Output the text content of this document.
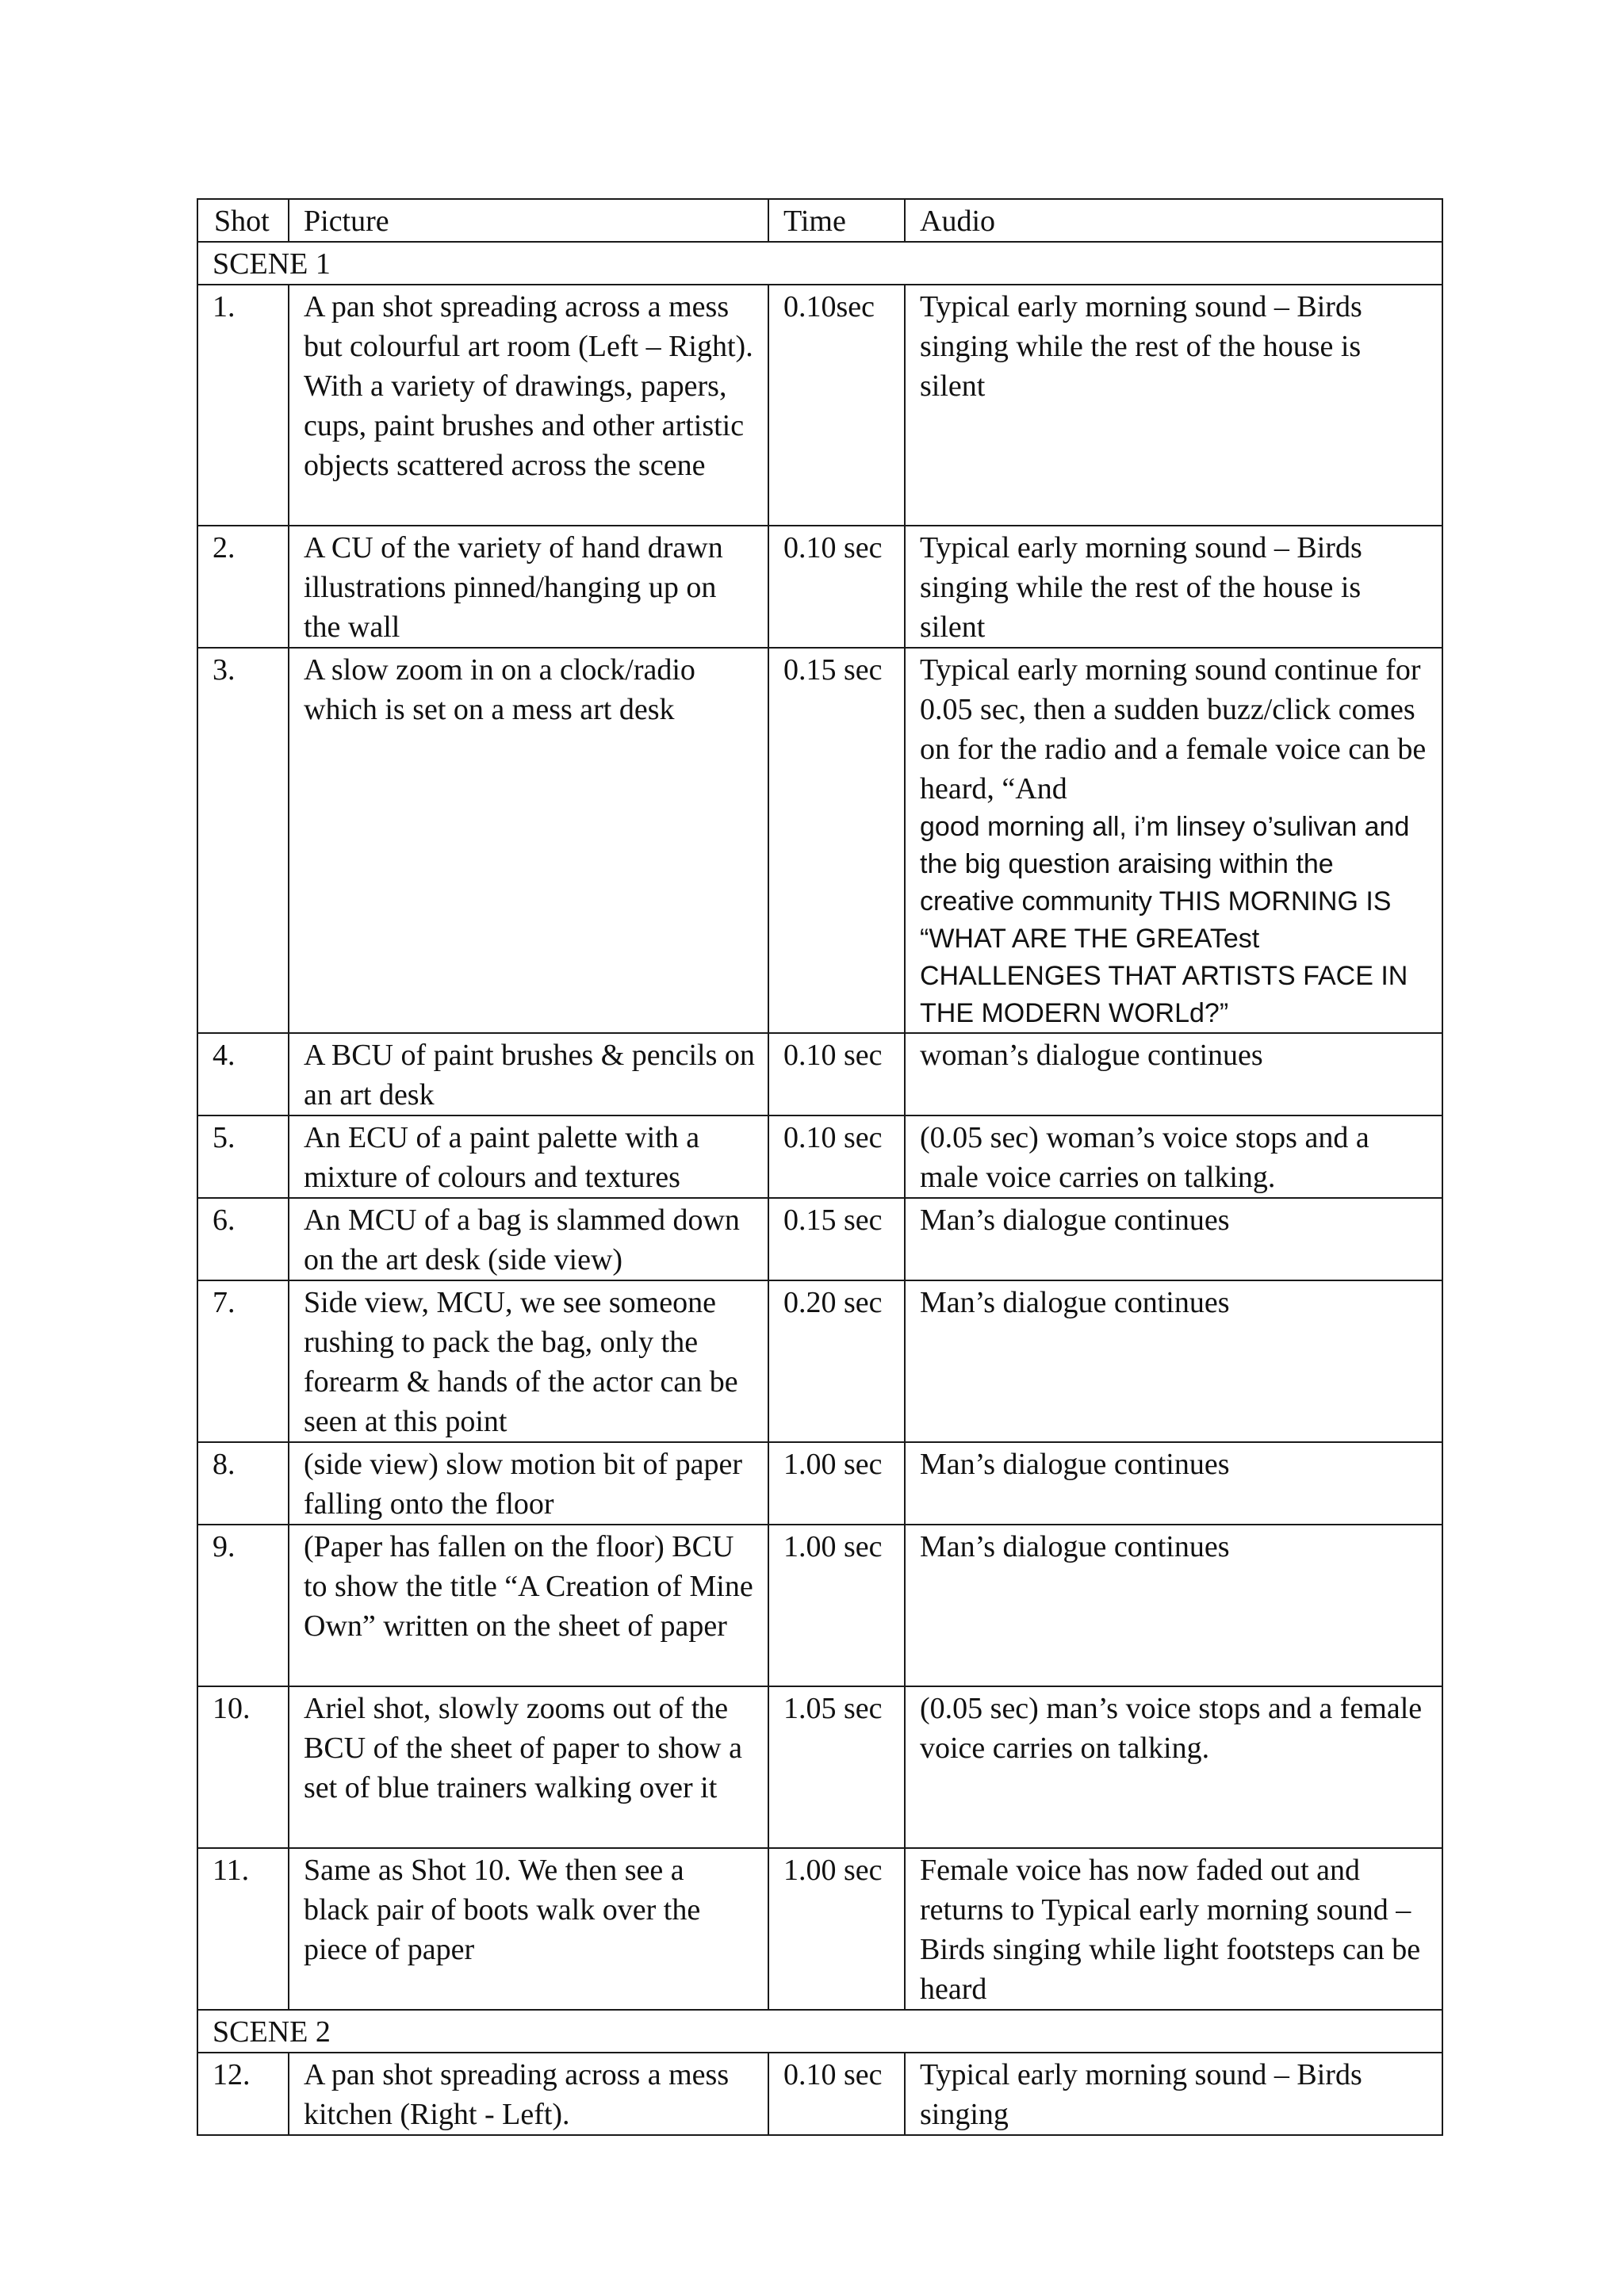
Shot	Picture	Time	Audio
SCENE 1			
1.	A pan shot spreading across a mess but colourful art room (Left – Right). With a variety of drawings, papers, cups, paint brushes and other artistic objects scattered across the scene	0.10sec	Typical early morning sound – Birds singing while the rest of the house is silent
2.	A CU of the variety of hand drawn illustrations pinned/hanging up on the wall	0.10 sec	Typical early morning sound – Birds singing while the rest of the house is silent
3.	A slow zoom in on a clock/radio which is set on a mess art desk	0.15 sec	Typical early morning sound continue for 0.05 sec, then a sudden buzz/click comes on for the radio and a female voice can be heard, “And
good morning all, i’m linsey o’sulivan and the big question araising within the creative community THIS MORNING IS “WHAT ARE THE GREATest CHALLENGES THAT ARTISTS FACE IN THE MODERN WORLd?”

4.	A BCU of paint brushes & pencils on an art desk	0.10 sec	woman’s dialogue continues
5.	An ECU of a paint palette with a mixture of colours and textures	0.10 sec	(0.05 sec) woman’s voice stops and a male voice carries on talking.
6.	An MCU of a bag is slammed down on the art desk (side view)	0.15 sec	Man’s dialogue continues
7.	Side view, MCU, we see someone rushing to pack the bag, only the forearm & hands of the actor can be seen at this point	0.20 sec	Man’s dialogue continues
8.	(side view) slow motion bit of paper falling onto the floor	1.00 sec	Man’s dialogue continues
9.	(Paper has fallen on the floor) BCU to show the title “A Creation of Mine Own” written on the sheet of paper	1.00 sec	Man’s dialogue continues
10.	Ariel shot, slowly zooms out of the BCU of the sheet of paper to show a set of blue trainers walking over it	1.05 sec	(0.05 sec) man’s voice stops and a female voice carries on talking.
11.	Same as Shot 10. We then see a black pair of boots walk over the piece of paper	1.00 sec	Female voice has now faded out and returns to Typical early morning sound – Birds singing while light footsteps can be heard
SCENE 2			
12.	A pan shot spreading across a mess kitchen (Right - Left).	0.10 sec	Typical early morning sound – Birds singing
